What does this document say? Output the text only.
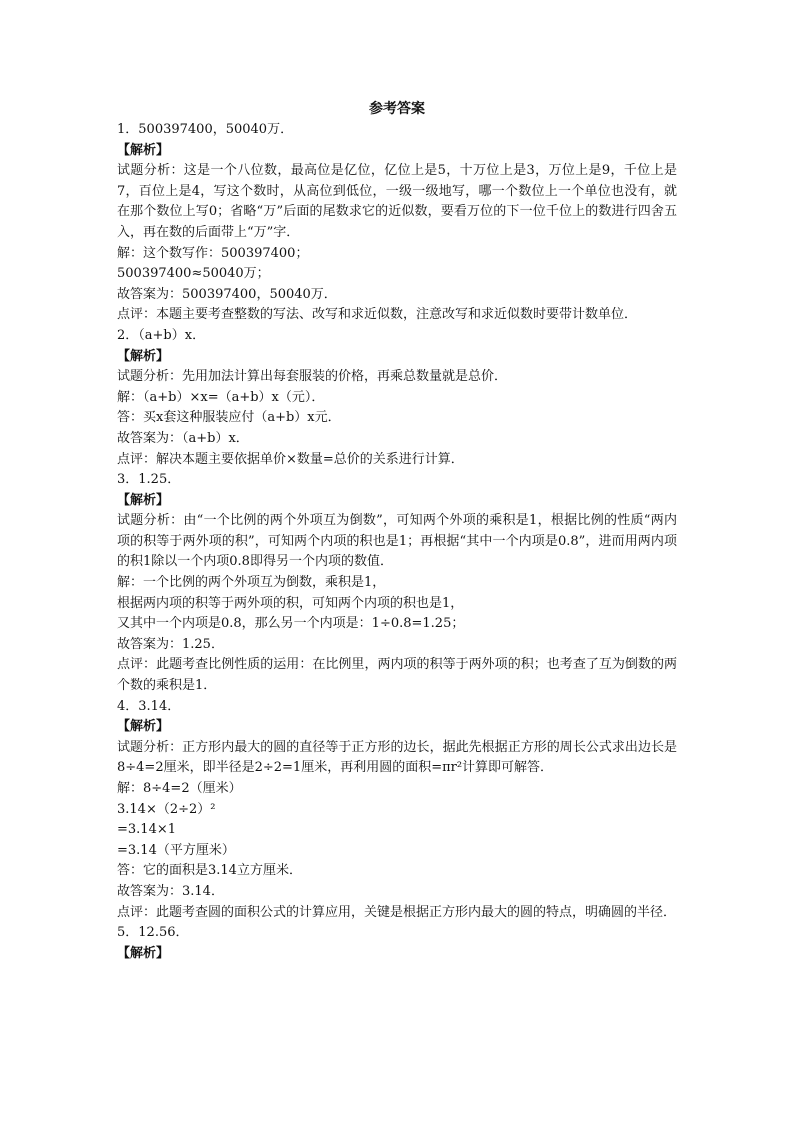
参考答案
1．500397400，50040万．
【解析】
试题分析：这是一个八位数，最高位是亿位，亿位上是5，十万位上是3，万位上是9，千位上是7，百位上是4，写这个数时，从高位到低位，一级一级地写，哪一个数位上一个单位也没有，就在那个数位上写0；省略“万”后面的尾数求它的近似数，要看万位的下一位千位上的数进行四舍五入，再在数的后面带上“万”字．
解：这个数写作：500397400；
500397400≈50040万；
故答案为：500397400，50040万．
点评：本题主要考查整数的写法、改写和求近似数，注意改写和求近似数时要带计数单位．
2．（a+b）x．
【解析】
试题分析：先用加法计算出每套服装的价格，再乘总数量就是总价．
解：（a+b）×x=（a+b）x（元）．
答：买x套这种服装应付（a+b）x元．
故答案为：（a+b）x．
点评：解决本题主要依据单价×数量=总价的关系进行计算．
3．1.25．
【解析】
试题分析：由“一个比例的两个外项互为倒数”，可知两个外项的乘积是1，根据比例的性质“两内项的积等于两外项的积”，可知两个内项的积也是1；再根据“其中一个内项是0.8”，进而用两内项的积1除以一个内项0.8即得另一个内项的数值．
解：一个比例的两个外项互为倒数，乘积是1，
根据两内项的积等于两外项的积，可知两个内项的积也是1，
又其中一个内项是0.8，那么另一个内项是：1÷0.8=1.25；
故答案为：1.25．
点评：此题考查比例性质的运用：在比例里，两内项的积等于两外项的积；也考查了互为倒数的两个数的乘积是1．
4．3.14．
【解析】
试题分析：正方形内最大的圆的直径等于正方形的边长，据此先根据正方形的周长公式求出边长是8÷4=2厘米，即半径是2÷2=1厘米，再利用圆的面积=πr²计算即可解答．
解：8÷4=2（厘米）
3.14×（2÷2）²
=3.14×1
=3.14（平方厘米）
答：它的面积是3.14立方厘米．
故答案为：3.14．
点评：此题考查圆的面积公式的计算应用，关键是根据正方形内最大的圆的特点，明确圆的半径．
5．12.56．
【解析】
